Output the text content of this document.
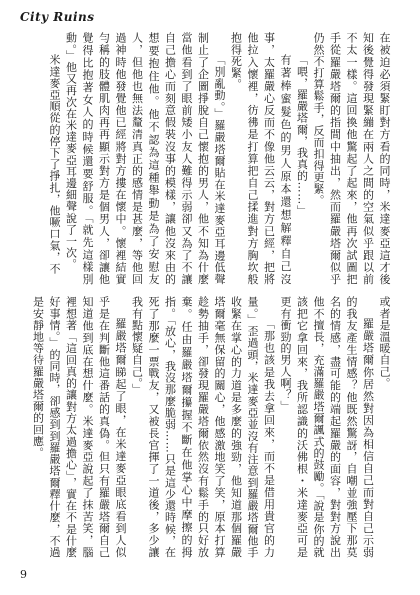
City Ruins

在被迫必須緊盯對方看的同時，米達麥亞這才後知後覺得發現緊繃在兩人之間的空氣似乎跟以前不太一樣。這回換他驚起了起來，他再次試圖把手從羅嚴塔爾的指間中抽出，然而羅嚴塔爾似乎仍然不打算鬆手，反而扣得更緊。

「喂，羅嚴塔爾，我真的……」

有著棒蜜髮色的男人原本還想解釋自己沒事，太羅嚴心反而不像他云云，對方已經，把將他拉入懷裡，彷彿是打算把自己揉進對方胸坎般抱得死緊。

「別亂動。」羅嚴塔爾貼在米達麥亞耳邊低聲制止了企圖掙脫自己懷抱的男人，他不知為什麼當他看到了眼前矮小友人難得示弱卻又為了不讓自己擔心而刻意假裝沒事的模樣，讓他沒來由的想要抱住他。他不認為這種舉動是為了安慰友人，但他也無法釐清真正的感情是甚麼，等他回過神時他發覺他已經將對方摟在懷中。懷裡結實勻稱的肢體肌肉再再顯示對方是個男人，卻讓他覺得比抱著女人的時候還要舒服。「就先這樣別動。」他又再次在米達麥亞耳邊細聲說了一次。

米達麥亞順從的停下了掙扎，他噘口氣，不

或者是溫暖自己。

羅嚴塔爾你居然對因為相信自己而對自己示弱的我友產生情感？他既然驚訝，自嘲並強壓下那莫名的情感，盡可能的端起羅嚴的面容，對對方說出他不擅長，充滿羅嚴塔爾諷式的鼓勵。「說是你的就該把它拿回來，我所認識的沃佛根・米達麥亞可是更有衝勁的男人啊？」

「那也該是我去拿回來，而不是借用貴官的力量。」歪過頭，米達麥亞並沒有注意到羅嚴塔爾他手收緊在掌心的力道是多麼的強勁，他知道那個羅嚴塔爾毫無保留的關心，他感激地笑了笑，原本打算趁勢抽手，卻發現羅嚴塔爾依然沒有鬆手的只好放棄。任由羅嚴塔爾攥握不斷在他掌心中摩擦的拇指。「放心，我沒那麼脆弱……只是這少還時候，在死了那麼一票戰友，又被長官揮了一道後，多少讓我有點懷疑自己。」

羅嚴塔爾睇起了眼，在米達麥亞眼底看到人似乎是在判斷他這番話的真偽。但只有羅嚴塔爾自己知道他到底在想什麼。米達麥亞說起了抹苦笑，腦裡想著「這回真的讓對方太過擔心」，實在不是什麼好事情。」的同時，卻感到到羅嚴塔爾釋什麼，不過是安靜地等待羅嚴塔爾的回應。

9
